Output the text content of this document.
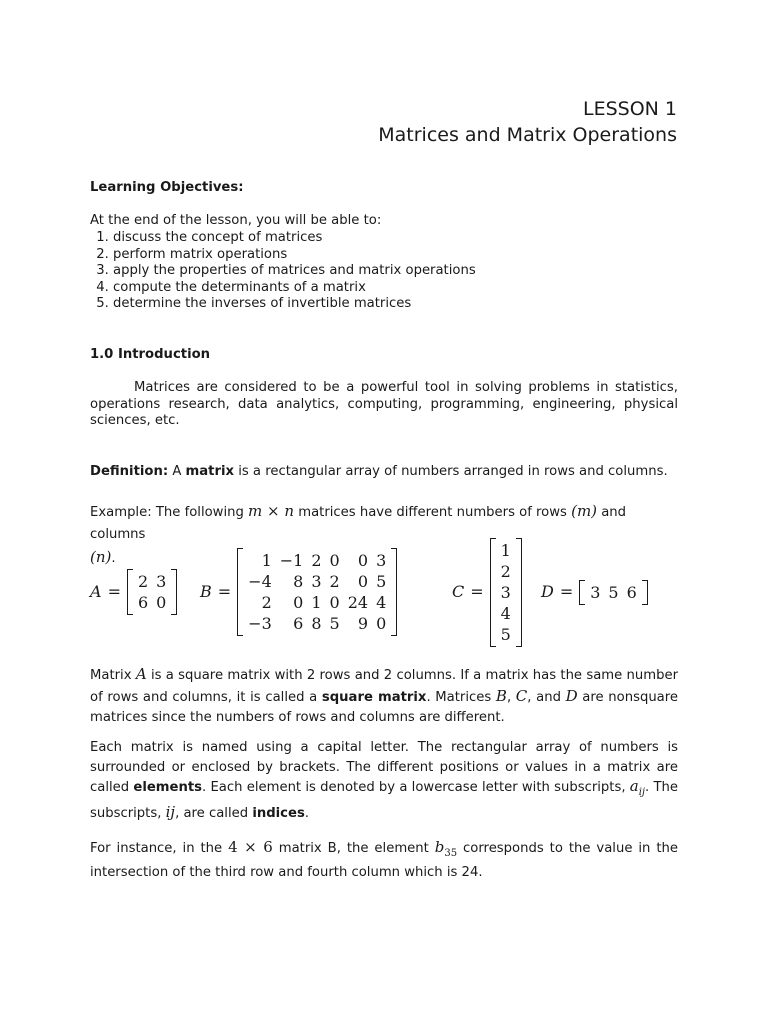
LESSON 1
Matrices and Matrix Operations
Learning Objectives:
At the end of the lesson, you will be able to:
1. discuss the concept of matrices
2. perform matrix operations
3. apply the properties of matrices and matrix operations
4. compute the determinants of a matrix
5. determine the inverses of invertible matrices
1.0 Introduction

Matrices are considered to be a powerful tool in solving problems in statistics, operations research, data analytics, computing, programming, engineering, physical sciences, etc.

Definition: A matrix is a rectangular array of numbers arranged in rows and columns.

Example: The following m × n matrices have different numbers of rows (m) and columns
(n).

A =
2 3
6 0
B =
1 −1 2 0	0 3
−4	8 3 2	0 5
2	0 1 0 24 4
−3	6 8 5	9 0
C =
1
2
3
4
5
D = 3 5 6

Matrix A is a square matrix with 2 rows and 2 columns. If a matrix has the same number of rows and columns, it is called a square matrix. Matrices B, C, and D are nonsquare matrices since the numbers of rows and columns are different.

Each matrix is named using a capital letter. The rectangular array of numbers is surrounded or enclosed by brackets. The different positions or values in a matrix are called elements. Each element is denoted by a lowercase letter with subscripts, $a_{ij}$. The subscripts, ij, are called indices.

For instance, in the 4 × 6 matrix B, the element $b_{35}$ corresponds to the value in the intersection of the third row and fourth column which is 24.
